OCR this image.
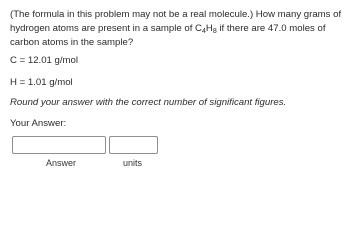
(The formula in this problem may not be a real molecule.) How many grams of hydrogen atoms are present in a sample of $C_4H_8$ if there are 47.0 moles of carbon atoms in the sample?
C = 12.01 g/mol
H = 1.01 g/mol
Round your answer with the correct number of significant figures.
Your Answer:
Answer	units
